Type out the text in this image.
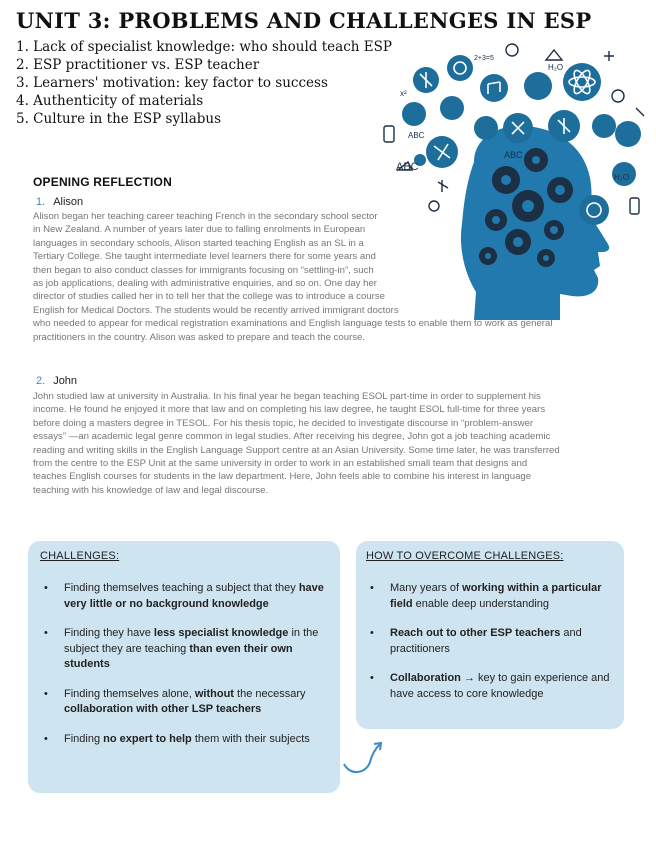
UNIT 3: PROBLEMS AND CHALLENGES IN ESP
1. Lack of specialist knowledge: who should teach ESP
2. ESP practitioner vs. ESP teacher
3. Learners' motivation: key factor to success
4. Authenticity of materials
5. Culture in the ESP syllabus
ABC
ABC
ABC
H₂O
H₂O
2+3=5
x²
OPENING REFLECTION
1. Alison

Alison began her teaching career teaching French in the secondary school sector
in New Zealand. A number of years later due to falling enrolments in European
languages in secondary schools, Alison started teaching English as an SL in a
Tertiary College. She taught intermediate level learners there for some years and
then began to also conduct classes for immigrants focusing on “settling-in”, such
as job applications, dealing with administrative enquiries, and so on. One day her
director of studies called her in to tell her that the college was to introduce a course
English for Medical Doctors. The students would be recently arrived immigrant doctors
who needed to appear for medical registration examinations and English language tests to enable them to work as general
practitioners in the country. Alison was asked to prepare and teach the course.

2. John

John studied law at university in Australia. In his final year he began teaching ESOL part-time in order to supplement his
income. He found he enjoyed it more that law and on completing his law degree, he taught ESOL full-time for three years
before doing a masters degree in TESOL. For his thesis topic, he decided to investigate discourse in “problem-answer
essays” —an academic legal genre common in legal studies. After receiving his degree, John got a job teaching academic
reading and writing skills in the English Language Support centre at an Asian University. Some time later, he was transferred
from the centre to the ESP Unit at the same university in order to work in an established small team that designs and
teaches English courses for students in the law department. Here, John feels able to combine his interest in language
teaching with his knowledge of law and legal discourse.

CHALLENGES:
• Finding themselves teaching a subject that they have very little or no background knowledge
• Finding they have less specialist knowledge in the subject they are teaching than even their own students
• Finding themselves alone, without the necessary collaboration with other LSP teachers
• Finding no expert to help them with their subjects
HOW TO OVERCOME CHALLENGES:
• Many years of working within a particular field enable deep understanding
• Reach out to other ESP teachers and practitioners
• Collaboration → key to gain experience and have access to core knowledge
